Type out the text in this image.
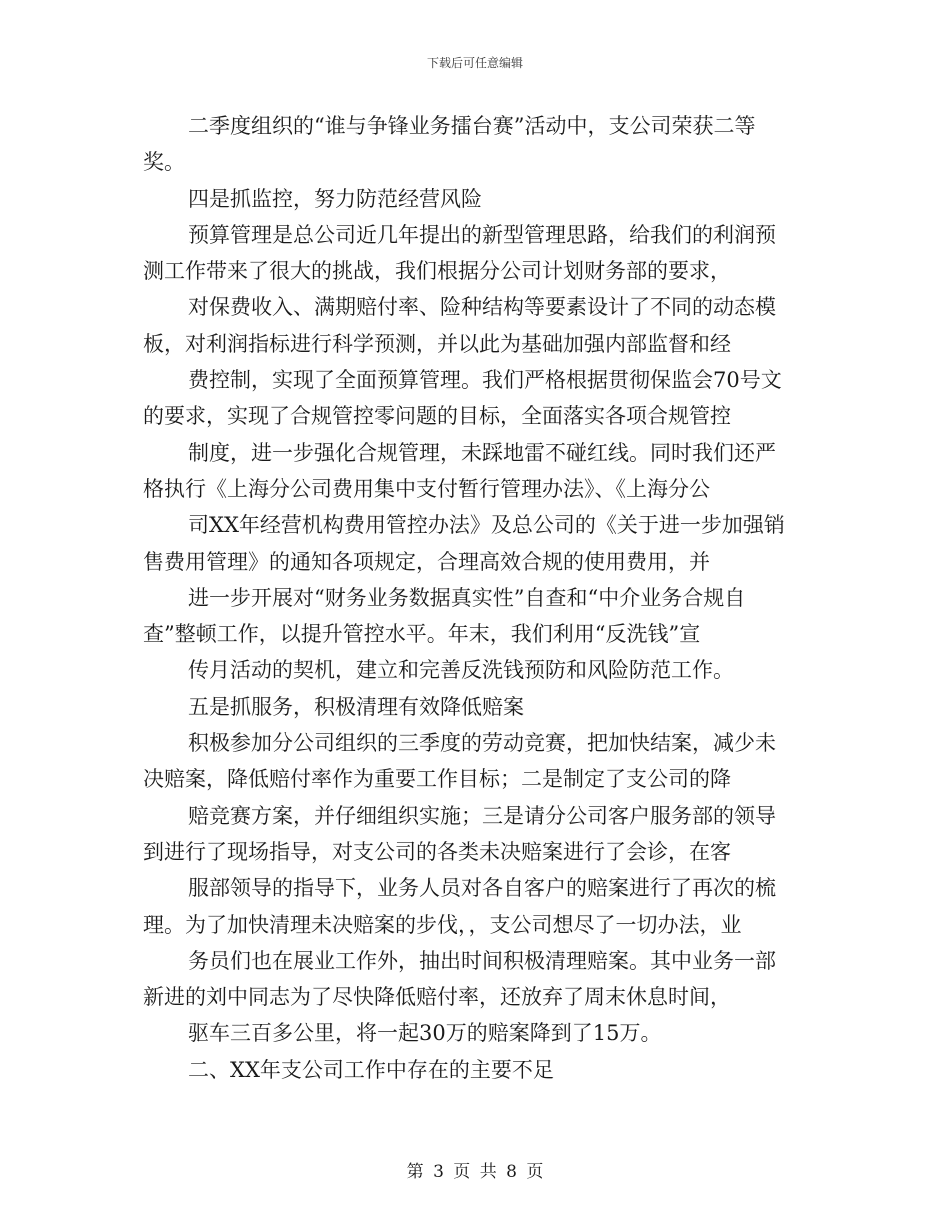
下载后可任意编辑
二季度组织的“谁与争锋业务擂台赛”活动中，支公司荣获二等
奖。
四是抓监控，努力防范经营风险
预算管理是总公司近几年提出的新型管理思路，给我们的利润预
测工作带来了很大的挑战，我们根据分公司计划财务部的要求，
对保费收入、满期赔付率、险种结构等要素设计了不同的动态模
板，对利润指标进行科学预测，并以此为基础加强内部监督和经
费控制，实现了全面预算管理。我们严格根据贯彻保监会70号文
的要求，实现了合规管控零问题的目标，全面落实各项合规管控
制度，进一步强化合规管理，未踩地雷不碰红线。同时我们还严
格执行《上海分公司费用集中支付暂行管理办法》、《上海分公
司XX年经营机构费用管控办法》及总公司的《关于进一步加强销
售费用管理》的通知各项规定，合理高效合规的使用费用，并
进一步开展对“财务业务数据真实性”自查和“中介业务合规自
查”整顿工作，以提升管控水平。年末，我们利用“反洗钱”宣
传月活动的契机，建立和完善反洗钱预防和风险防范工作。
五是抓服务，积极清理有效降低赔案
积极参加分公司组织的三季度的劳动竞赛，把加快结案，减少未
决赔案，降低赔付率作为重要工作目标；二是制定了支公司的降
赔竞赛方案，并仔细组织实施；三是请分公司客户服务部的领导
到进行了现场指导，对支公司的各类未决赔案进行了会诊，在客
服部领导的指导下，业务人员对各自客户的赔案进行了再次的梳
理。为了加快清理未决赔案的步伐，，支公司想尽了一切办法，业
务员们也在展业工作外，抽出时间积极清理赔案。其中业务一部
新进的刘中同志为了尽快降低赔付率，还放弃了周末休息时间，
驱车三百多公里，将一起30万的赔案降到了15万。
二、XX年支公司工作中存在的主要不足
第 3 页 共 8 页
